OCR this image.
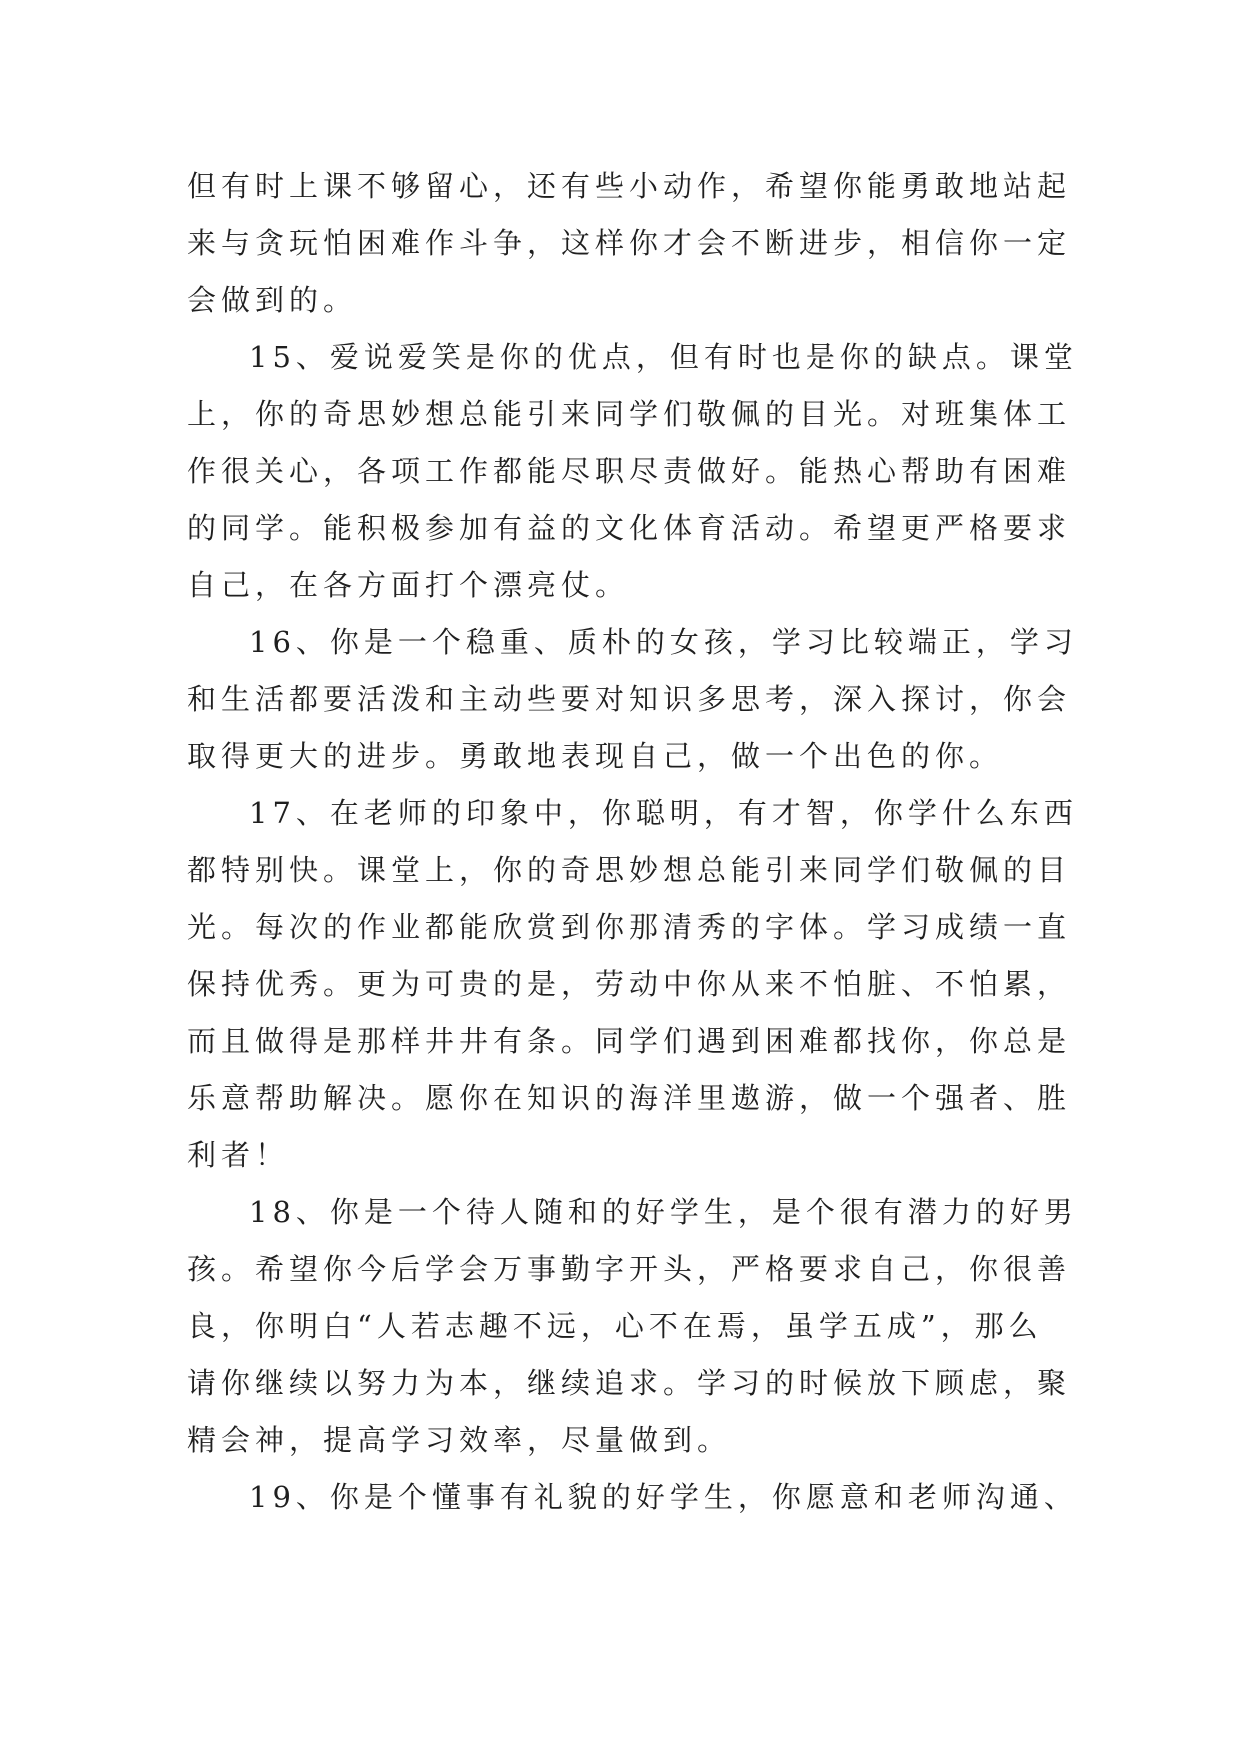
但有时上课不够留心，还有些小动作，希望你能勇敢地站起
来与贪玩怕困难作斗争，这样你才会不断进步，相信你一定
会做到的。
15、爱说爱笑是你的优点，但有时也是你的缺点。课堂
上，你的奇思妙想总能引来同学们敬佩的目光。对班集体工
作很关心，各项工作都能尽职尽责做好。能热心帮助有困难
的同学。能积极参加有益的文化体育活动。希望更严格要求
自己，在各方面打个漂亮仗。
16、你是一个稳重、质朴的女孩，学习比较端正，学习
和生活都要活泼和主动些要对知识多思考，深入探讨，你会
取得更大的进步。勇敢地表现自己，做一个出色的你。
17、在老师的印象中，你聪明，有才智，你学什么东西
都特别快。课堂上，你的奇思妙想总能引来同学们敬佩的目
光。每次的作业都能欣赏到你那清秀的字体。学习成绩一直
保持优秀。更为可贵的是，劳动中你从来不怕脏、不怕累，
而且做得是那样井井有条。同学们遇到困难都找你，你总是
乐意帮助解决。愿你在知识的海洋里遨游，做一个强者、胜
利者！
18、你是一个待人随和的好学生，是个很有潜力的好男
孩。希望你今后学会万事勤字开头，严格要求自己，你很善
良，你明白“人若志趣不远，心不在焉，虽学五成”，那么
请你继续以努力为本，继续追求。学习的时候放下顾虑，聚
精会神，提高学习效率，尽量做到。
19、你是个懂事有礼貌的好学生，你愿意和老师沟通、
